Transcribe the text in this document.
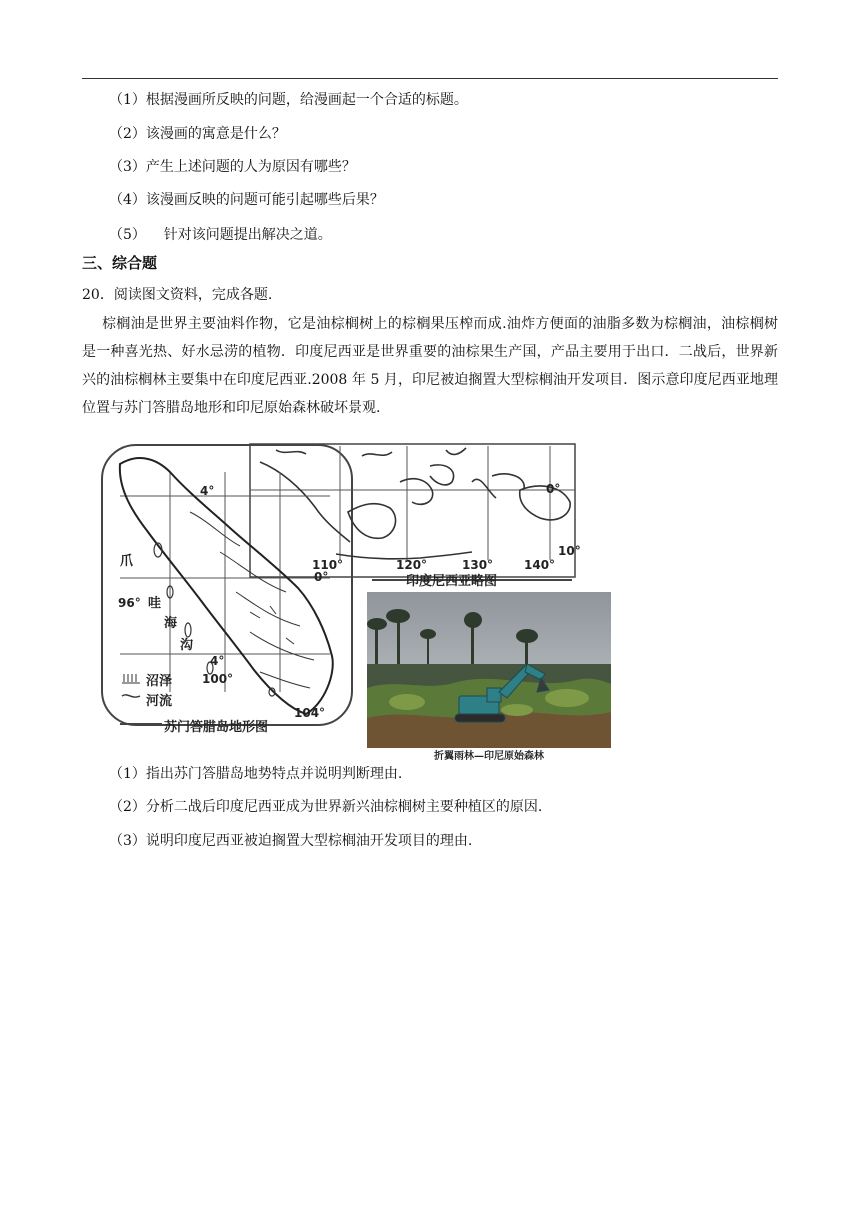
（1）根据漫画所反映的问题，给漫画起一个合适的标题。
（2）该漫画的寓意是什么？
（3）产生上述问题的人为原因有哪些？
（4）该漫画反映的问题可能引起哪些后果？
（5）    针对该问题提出解决之道。
三、综合题
20．阅读图文资料，完成各题.
棕榈油是世界主要油料作物，它是油棕榈树上的棕榈果压榨而成.油炸方便面的油脂多数为棕榈油，油棕榈树是一种喜光热、好水忌涝的植物．印度尼西亚是世界重要的油棕果生产国，产品主要用于出口．二战后，世界新兴的油棕榈林主要集中在印度尼西亚.2008 年 5 月，印尼被迫搁置大型棕榈油开发项目．图示意印度尼西亚地理位置与苏门答腊岛地形和印尼原始森林破坏景观.
110°	120°	130°	140°
0°
10°
印度尼西亚略图
4°
0°
4°
96°
100°
104°
爪
哇
海
沟
沼泽
河流
苏门答腊岛地形图
折翼雨林—印尼原始森林
（1）指出苏门答腊岛地势特点并说明判断理由.
（2）分析二战后印度尼西亚成为世界新兴油棕榈树主要种植区的原因.
（3）说明印度尼西亚被迫搁置大型棕榈油开发项目的理由.
